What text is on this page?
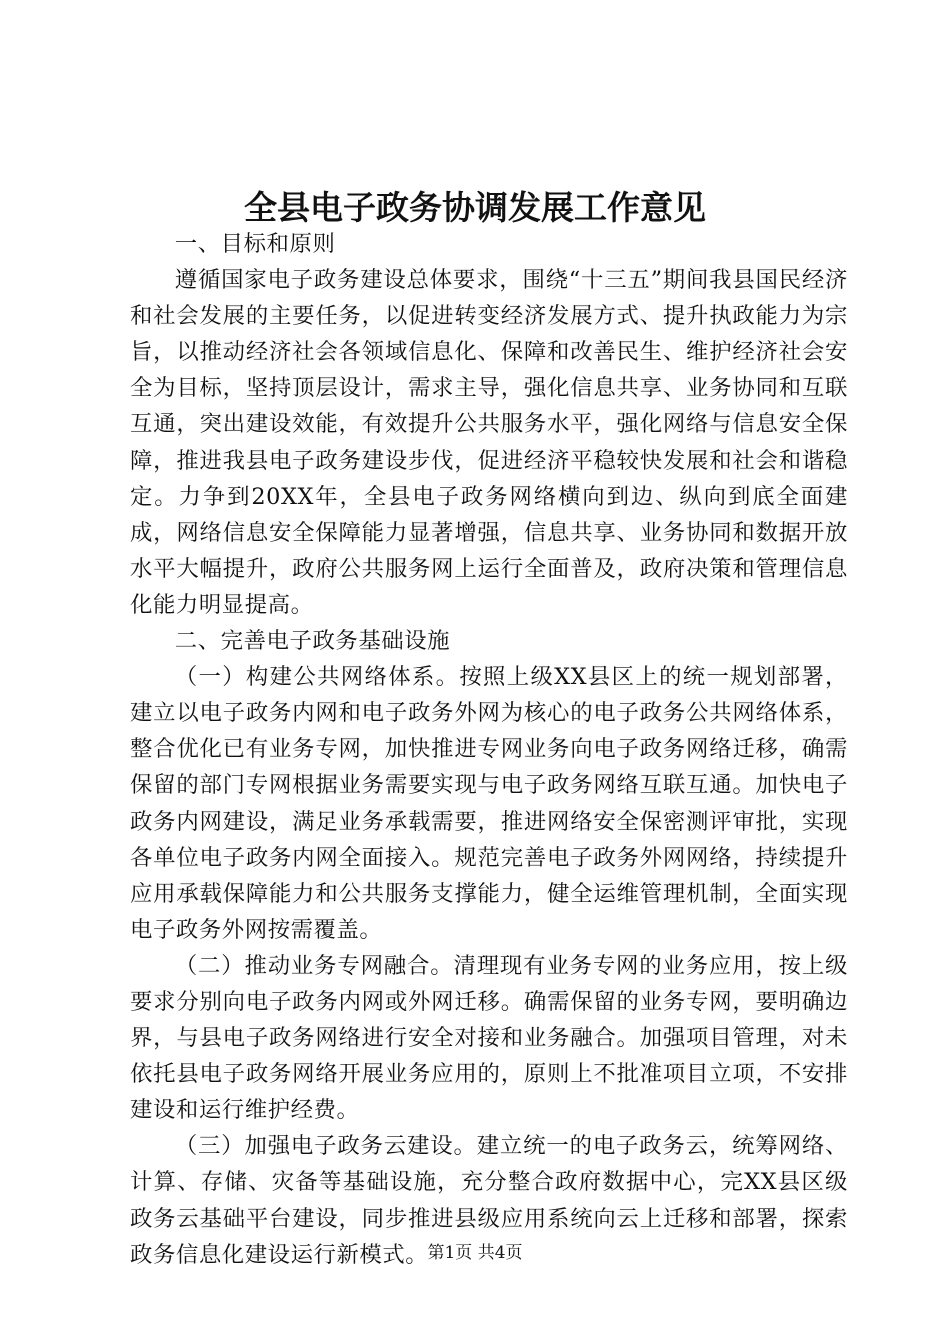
全县电子政务协调发展工作意见

一、目标和原则

遵循国家电子政务建设总体要求，围绕“十三五”期间我县国民经济和社会发展的主要任务，以促进转变经济发展方式、提升执政能力为宗旨，以推动经济社会各领域信息化、保障和改善民生、维护经济社会安全为目标，坚持顶层设计，需求主导，强化信息共享、业务协同和互联互通，突出建设效能，有效提升公共服务水平，强化网络与信息安全保障，推进我县电子政务建设步伐，促进经济平稳较快发展和社会和谐稳定。力争到20XX年，全县电子政务网络横向到边、纵向到底全面建成，网络信息安全保障能力显著增强，信息共享、业务协同和数据开放水平大幅提升，政府公共服务网上运行全面普及，政府决策和管理信息化能力明显提高。

二、完善电子政务基础设施

（一）构建公共网络体系。按照上级XX县区上的统一规划部署，建立以电子政务内网和电子政务外网为核心的电子政务公共网络体系，整合优化已有业务专网，加快推进专网业务向电子政务网络迁移，确需保留的部门专网根据业务需要实现与电子政务网络互联互通。加快电子政务内网建设，满足业务承载需要，推进网络安全保密测评审批，实现各单位电子政务内网全面接入。规范完善电子政务外网网络，持续提升应用承载保障能力和公共服务支撑能力，健全运维管理机制，全面实现电子政务外网按需覆盖。

（二）推动业务专网融合。清理现有业务专网的业务应用，按上级要求分别向电子政务内网或外网迁移。确需保留的业务专网，要明确边界，与县电子政务网络进行安全对接和业务融合。加强项目管理，对未依托县电子政务网络开展业务应用的，原则上不批准项目立项，不安排建设和运行维护经费。

（三）加强电子政务云建设。建立统一的电子政务云，统筹网络、计算、存储、灾备等基础设施，充分整合政府数据中心，完XX县区级政务云基础平台建设，同步推进县级应用系统向云上迁移和部署，探索政务信息化建设运行新模式。 第1页 共4页
